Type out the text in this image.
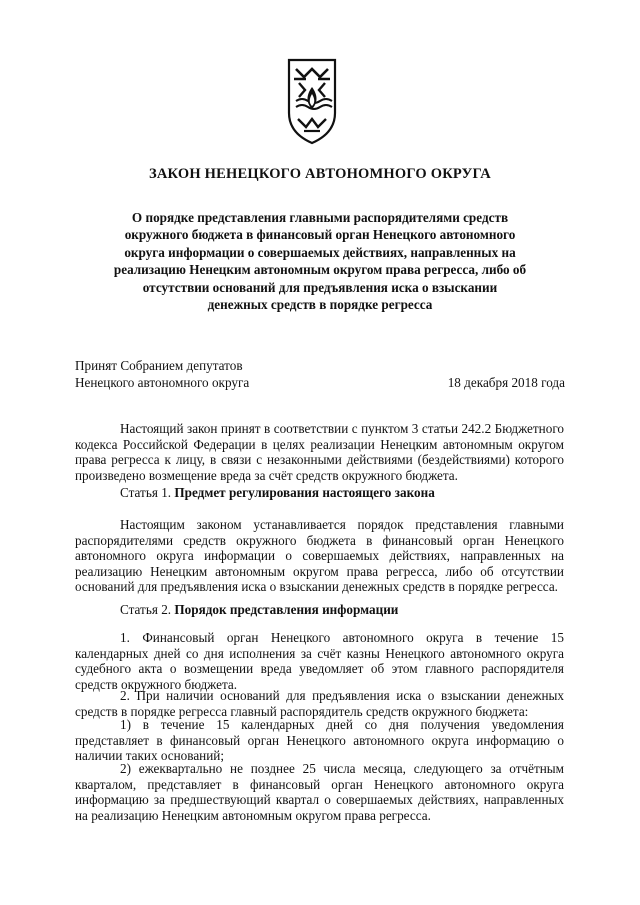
ЗАКОН НЕНЕЦКОГО АВТОНОМНОГО ОКРУГА
О порядке представления главными распорядителями средств
окружного бюджета в финансовый орган Ненецкого автономного
округа информации о совершаемых действиях, направленных на
реализацию Ненецким автономным округом права регресса, либо об
отсутствии оснований для предъявления иска о взыскании
денежных средств в порядке регресса
Принят Собранием депутатов
Ненецкого автономного округа	18 декабря 2018 года
Настоящий закон принят в соответствии с пунктом 3 статьи 242.2 Бюджетного кодекса Российской Федерации в целях реализации Ненецким автономным округом права регресса к лицу, в связи с незаконными действиями (бездействиями) которого произведено возмещение вреда за счёт средств окружного бюджета.
Статья 1. Предмет регулирования настоящего закона
Настоящим законом устанавливается порядок представления главными распорядителями средств окружного бюджета в финансовый орган Ненецкого автономного округа информации о совершаемых действиях, направленных на реализацию Ненецким автономным округом права регресса, либо об отсутствии оснований для предъявления иска о взыскании денежных средств в порядке регресса.
Статья 2. Порядок представления информации
1. Финансовый орган Ненецкого автономного округа в течение 15 календарных дней со дня исполнения за счёт казны Ненецкого автономного округа судебного акта о возмещении вреда уведомляет об этом главного распорядителя средств окружного бюджета.
2. При наличии оснований для предъявления иска о взыскании денежных средств в порядке регресса главный распорядитель средств окружного бюджета:
1) в течение 15 календарных дней со дня получения уведомления представляет в финансовый орган Ненецкого автономного округа информацию о наличии таких оснований;
2) ежеквартально не позднее 25 числа месяца, следующего за отчётным кварталом, представляет в финансовый орган Ненецкого автономного округа информацию за предшествующий квартал о совершаемых действиях, направленных на реализацию Ненецким автономным округом права регресса.
